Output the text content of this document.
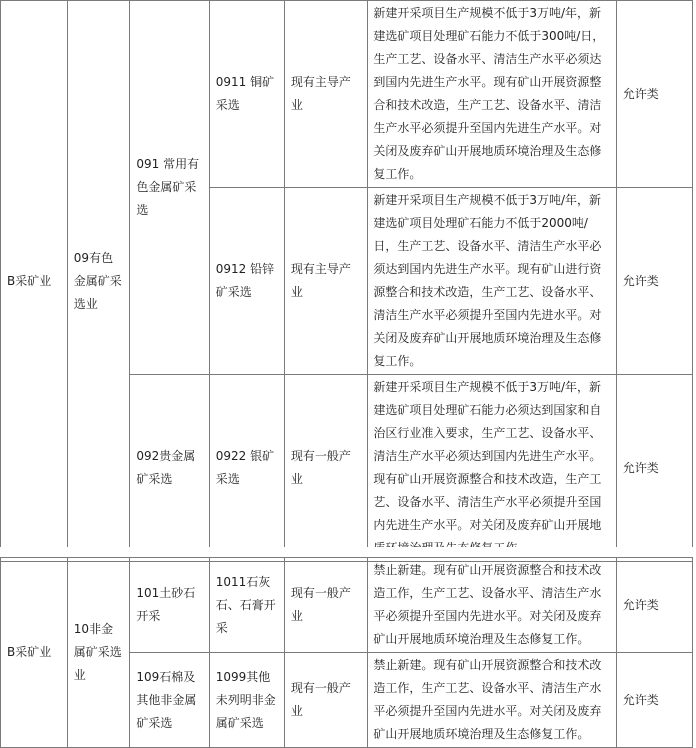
B采矿业	09有色金属矿采选业	091 常用有色金属矿采选	0911 铜矿采选	现有主导产业	新建开采项目生产规模不低于3万吨/年，新建选矿项目处理矿石能力不低于300吨/日，生产工艺、设备水平、清洁生产水平必须达到国内先进生产水平。现有矿山开展资源整合和技术改造，生产工艺、设备水平、清洁生产水平必须提升至国内先进生产水平。对关闭及废弃矿山开展地质环境治理及生态修复工作。	允许类
			0912 铅锌矿采选	现有主导产业	新建开采项目生产规模不低于3万吨/年，新建选矿项目处理矿石能力不低于2000吨/日，生产工艺、设备水平、清洁生产水平必须达到国内先进生产水平。现有矿山进行资源整合和技术改造，生产工艺、设备水平、清洁生产水平必须提升至国内先进水平。对关闭及废弃矿山开展地质环境治理及生态修复工作。	允许类
		092贵金属矿采选	0922 银矿采选	现有一般产业	新建开采项目生产规模不低于3万吨/年，新建选矿项目处理矿石能力必须达到国家和自治区行业准入要求，生产工艺、设备水平、清洁生产水平必须达到国内先进生产水平。现有矿山开展资源整合和技术改造，生产工艺、设备水平、清洁生产水平必须提升至国内先进生产水平。对关闭及废弃矿山开展地	允许类
B采矿业	10非金属矿采选业	101土砂石开采	1011石灰石、石膏开采	现有一般产业	禁止新建。现有矿山开展资源整合和技术改造工作，生产工艺、设备水平、清洁生产水平必须提升至国内先进水平。对关闭及废弃矿山开展地质环境治理及生态修复工作。	允许类
		109石棉及其他非金属矿采选	1099其他未列明非金属矿采选	现有一般产业	禁止新建。现有矿山开展资源整合和技术改造工作，生产工艺、设备水平、清洁生产水平必须提升至国内先进水平。对关闭及废弃矿山开展地质环境治理及生态修复工作。	允许类
